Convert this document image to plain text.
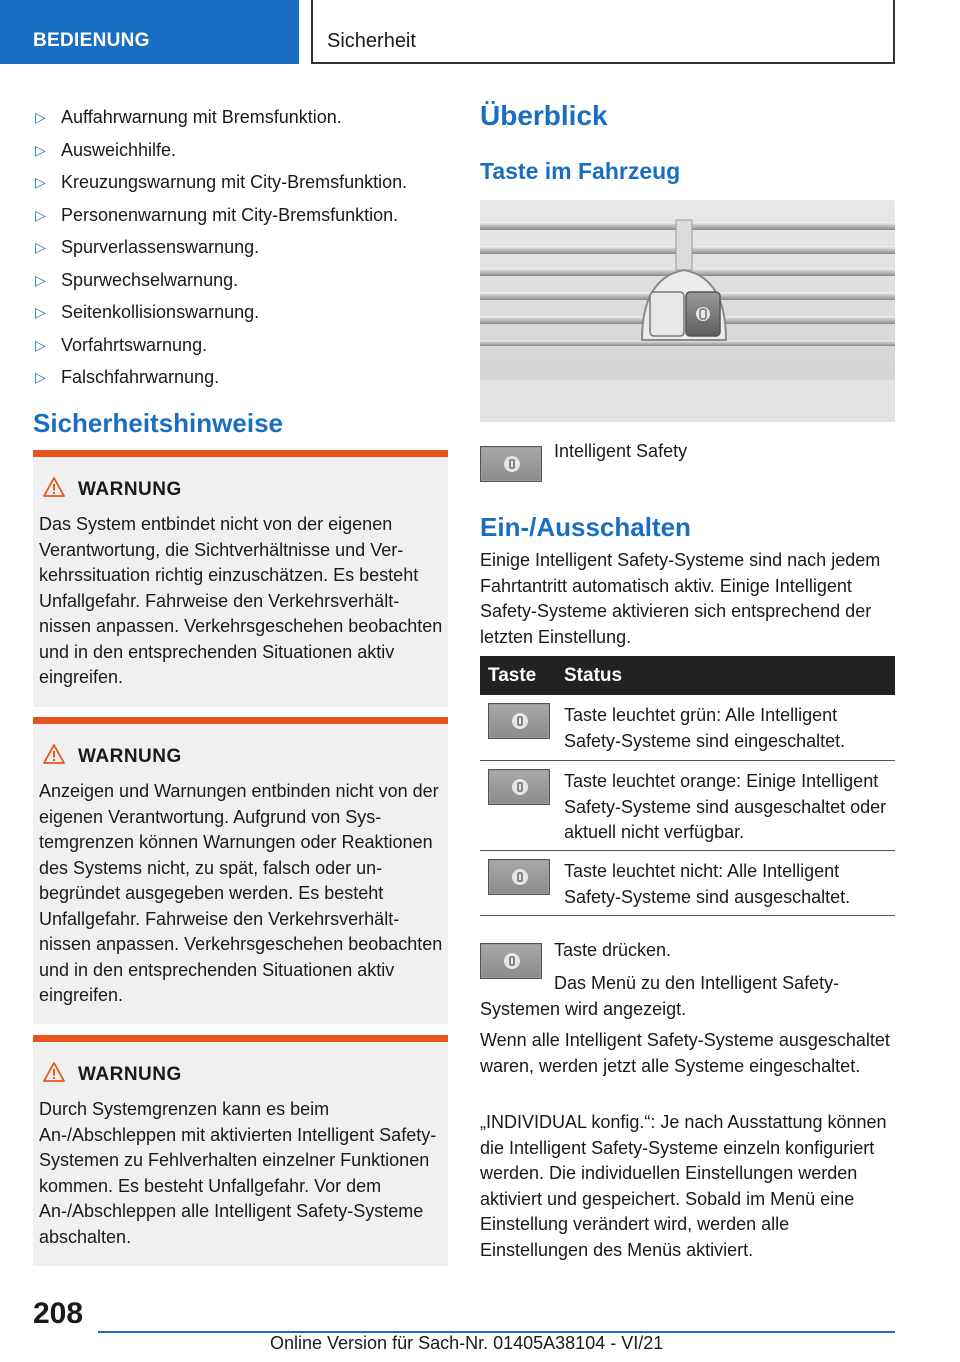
BEDIENUNG	Sicherheit
▷ Auffahrwarnung mit Bremsfunktion.
▷ Ausweichhilfe.
▷ Kreuzungswarnung mit City-Bremsfunktion.
▷ Personenwarnung mit City-Bremsfunktion.
▷ Spurverlassenswarnung.
▷ Spurwechselwarnung.
▷ Seitenkollisionswarnung.
▷ Vorfahrtswarnung.
▷ Falschfahrwarnung.
Sicherheitshinweise
WARNUNG

Das System entbindet nicht von der eigenen Verantwortung, die Sichtverhältnisse und Verkehrssituation richtig einzuschätzen. Es besteht Unfallgefahr. Fahrweise den Verkehrsverhältnissen anpassen. Verkehrsgeschehen beobachten und in den entsprechenden Situationen aktiv eingreifen.

WARNUNG

Anzeigen und Warnungen entbinden nicht von der eigenen Verantwortung. Aufgrund von Systemgrenzen können Warnungen oder Reaktionen des Systems nicht, zu spät, falsch oder unbegründet ausgegeben werden. Es besteht Unfallgefahr. Fahrweise den Verkehrsverhältnissen anpassen. Verkehrsgeschehen beobachten und in den entsprechenden Situationen aktiv eingreifen.

WARNUNG

Durch Systemgrenzen kann es beim An-/Abschleppen mit aktivierten Intelligent Safety-Systemen zu Fehlverhalten einzelner Funktionen kommen. Es besteht Unfallgefahr. Vor dem An-/Abschleppen alle Intelligent Safety-Systeme abschalten.

Überblick
Taste im Fahrzeug

Intelligent Safety

Ein-/Ausschalten

Einige Intelligent Safety-Systeme sind nach jedem Fahrtantritt automatisch aktiv. Einige Intelligent Safety-Systeme aktivieren sich entsprechend der letzten Einstellung.

Taste	Status

	Taste leuchtet grün: Alle Intelligent Safety-Systeme sind eingeschaltet.

	Taste leuchtet orange: Einige Intelligent Safety-Systeme sind ausgeschaltet oder aktuell nicht verfügbar.

	Taste leuchtet nicht: Alle Intelligent Safety-Systeme sind ausgeschaltet.

Taste drücken.

Das Menü zu den Intelligent Safety-Systemen wird angezeigt.

Wenn alle Intelligent Safety-Systeme ausgeschaltet waren, werden jetzt alle Systeme eingeschaltet.

„INDIVIDUAL konfig.“: Je nach Ausstattung können die Intelligent Safety-Systeme einzeln konfiguriert werden. Die individuellen Einstellungen werden aktiviert und gespeichert. Sobald im Menü eine Einstellung verändert wird, werden alle Einstellungen des Menüs aktiviert.

208
Online Version für Sach-Nr. 01405A38104 - VI/21
